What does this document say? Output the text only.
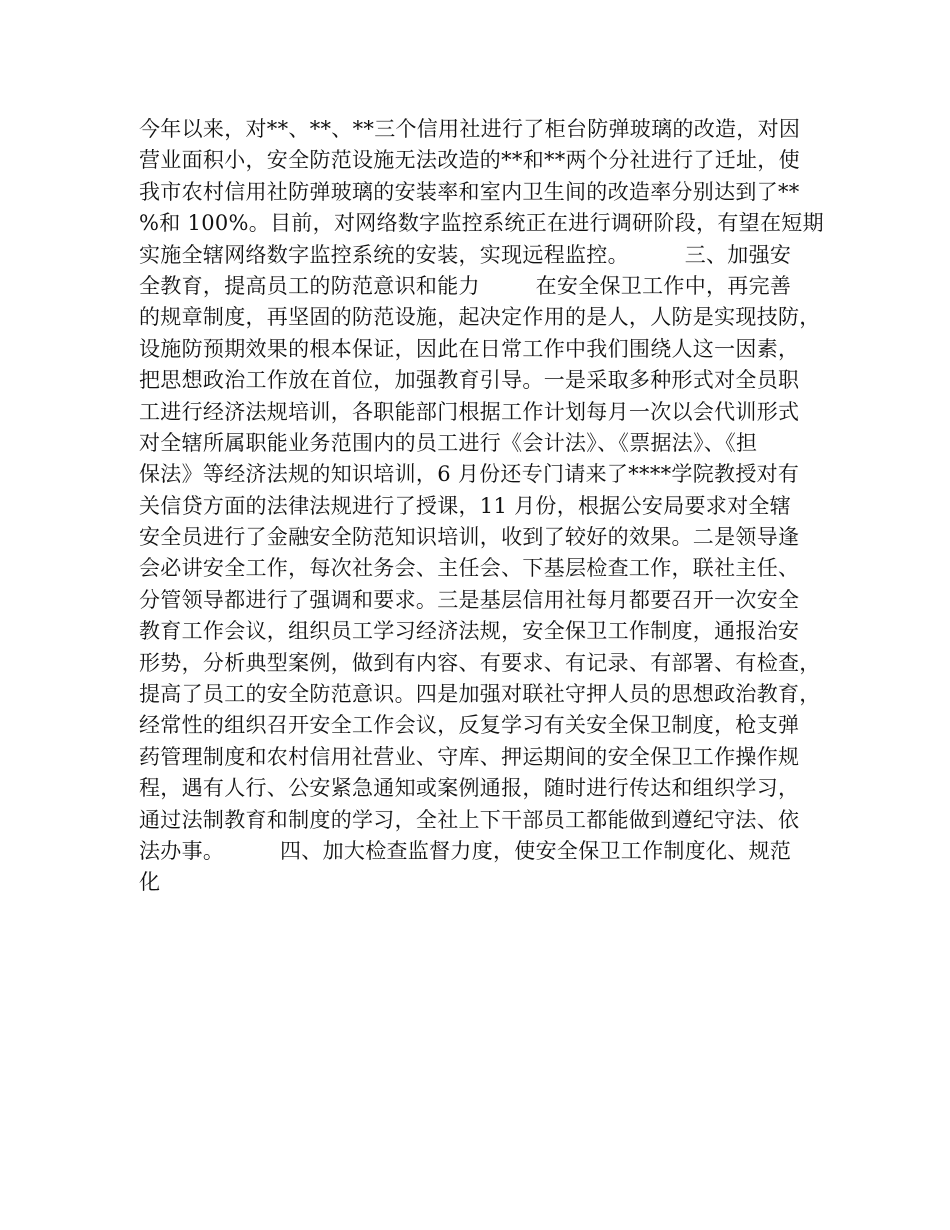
今年以来，对**、**、**三个信用社进行了柜台防弹玻璃的改造，对因
营业面积小，安全防范设施无法改造的**和**两个分社进行了迁址，使
我市农村信用社防弹玻璃的安装率和室内卫生间的改造率分别达到了**
%和 100%。目前，对网络数字监控系统正在进行调研阶段，有望在短期
实施全辖网络数字监控系统的安装，实现远程监控。        三、加强安
全教育，提高员工的防范意识和能力        在安全保卫工作中，再完善
的规章制度，再坚固的防范设施，起决定作用的是人，人防是实现技防，
设施防预期效果的根本保证，因此在日常工作中我们围绕人这一因素，
把思想政治工作放在首位，加强教育引导。一是采取多种形式对全员职
工进行经济法规培训，各职能部门根据工作计划每月一次以会代训形式
对全辖所属职能业务范围内的员工进行《会计法》、《票据法》、《担
保法》等经济法规的知识培训，6 月份还专门请来了****学院教授对有
关信贷方面的法律法规进行了授课，11 月份，根据公安局要求对全辖
安全员进行了金融安全防范知识培训，收到了较好的效果。二是领导逢
会必讲安全工作，每次社务会、主任会、下基层检查工作，联社主任、
分管领导都进行了强调和要求。三是基层信用社每月都要召开一次安全
教育工作会议，组织员工学习经济法规，安全保卫工作制度，通报治安
形势，分析典型案例，做到有内容、有要求、有记录、有部署、有检查，
提高了员工的安全防范意识。四是加强对联社守押人员的思想政治教育，
经常性的组织召开安全工作会议，反复学习有关安全保卫制度，枪支弹
药管理制度和农村信用社营业、守库、押运期间的安全保卫工作操作规
程，遇有人行、公安紧急通知或案例通报，随时进行传达和组织学习，
通过法制教育和制度的学习，全社上下干部员工都能做到遵纪守法、依
法办事。        四、加大检查监督力度，使安全保卫工作制度化、规范
化
